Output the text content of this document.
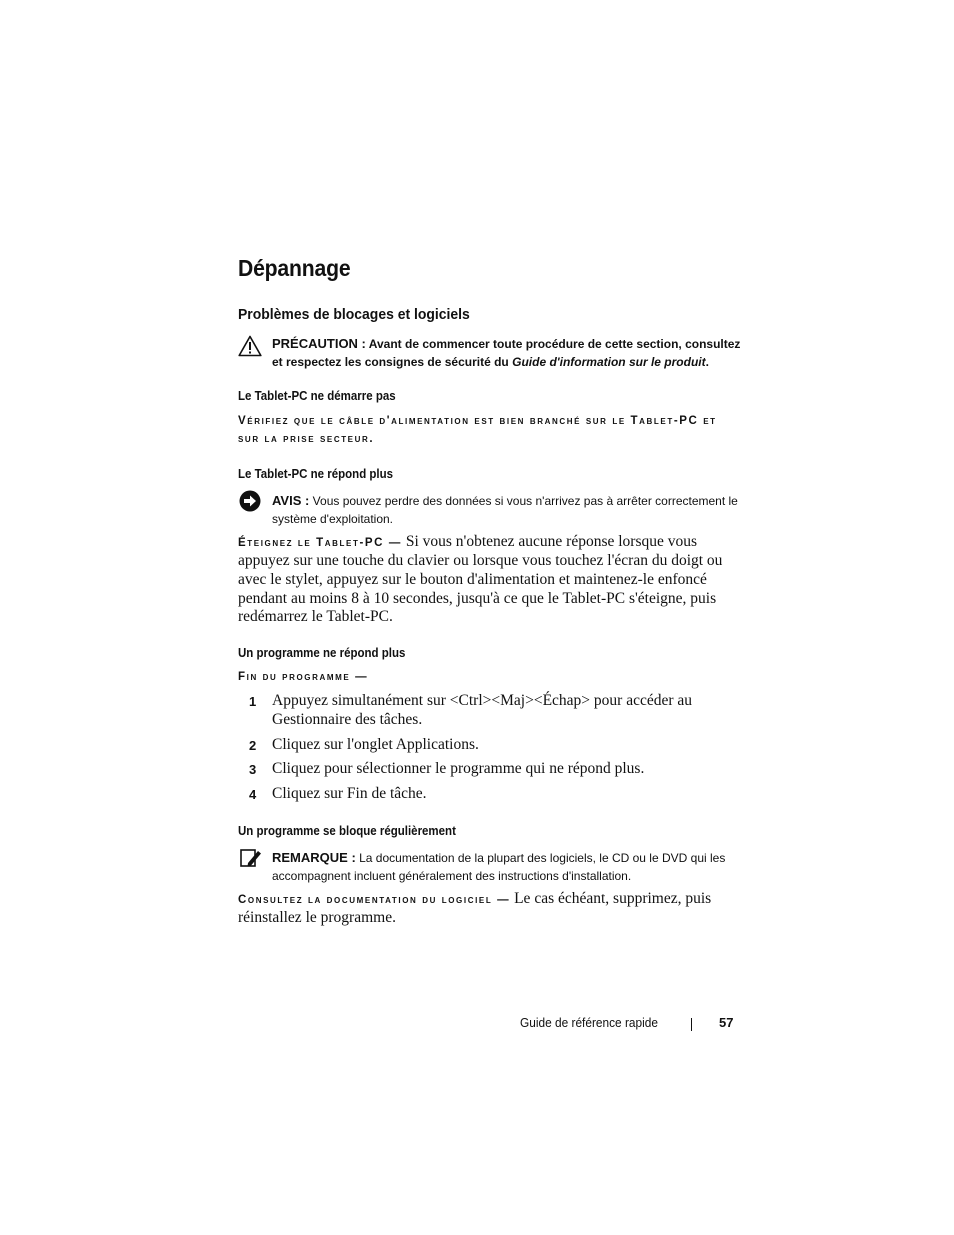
Dépannage
Problèmes de blocages et logiciels
PRÉCAUTION : Avant de commencer toute procédure de cette section, consultez et respectez les consignes de sécurité du Guide d'information sur le produit.
Le Tablet-PC ne démarre pas
Vérifiez que le câble d'alimentation est bien branché sur le Tablet-PC et sur la prise secteur.
Le Tablet-PC ne répond plus
AVIS : Vous pouvez perdre des données si vous n'arrivez pas à arrêter correctement le système d'exploitation.
Éteignez le Tablet-PC — Si vous n'obtenez aucune réponse lorsque vous appuyez sur une touche du clavier ou lorsque vous touchez l'écran du doigt ou avec le stylet, appuyez sur le bouton d'alimentation et maintenez-le enfoncé pendant au moins 8 à 10 secondes, jusqu'à ce que le Tablet-PC s'éteigne, puis redémarrez le Tablet-PC.
Un programme ne répond plus
Fin du programme —
1 Appuyez simultanément sur <Ctrl><Maj><Échap> pour accéder au Gestionnaire des tâches.
2 Cliquez sur l'onglet Applications.
3 Cliquez pour sélectionner le programme qui ne répond plus.
4 Cliquez sur Fin de tâche.
Un programme se bloque régulièrement
REMARQUE : La documentation de la plupart des logiciels, le CD ou le DVD qui les accompagnent incluent généralement des instructions d'installation.
Consultez la documentation du logiciel — Le cas échéant, supprimez, puis réinstallez le programme.
Guide de référence rapide	57
